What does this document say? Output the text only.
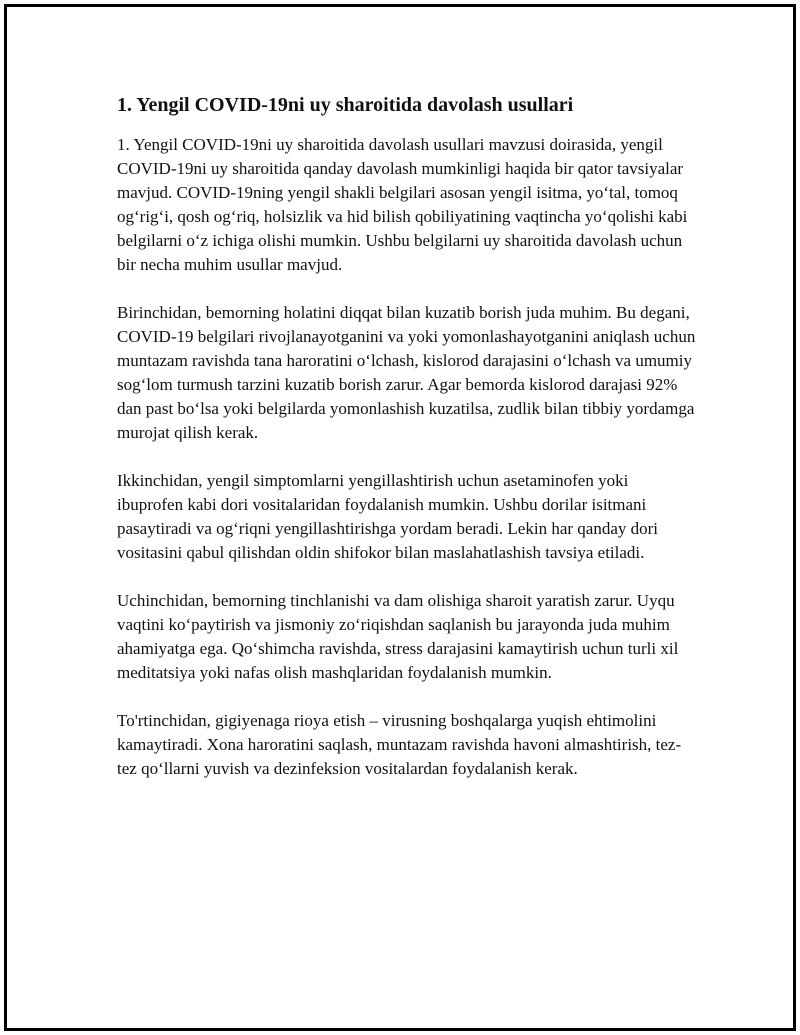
1. Yengil COVID-19ni uy sharoitida davolash usullari

1. Yengil COVID-19ni uy sharoitida davolash usullari mavzusi doirasida, yengil COVID-19ni uy sharoitida qanday davolash mumkinligi haqida bir qator tavsiyalar mavjud. COVID-19ning yengil shakli belgilari asosan yengil isitma, yo‘tal, tomoq og‘rig‘i, qosh og‘riq, holsizlik va hid bilish qobiliyatining vaqtincha yo‘qolishi kabi belgilarni o‘z ichiga olishi mumkin. Ushbu belgilarni uy sharoitida davolash uchun bir necha muhim usullar mavjud.

Birinchidan, bemorning holatini diqqat bilan kuzatib borish juda muhim. Bu degani, COVID-19 belgilari rivojlanayotganini va yoki yomonlashayotganini aniqlash uchun muntazam ravishda tana haroratini o‘lchash, kislorod darajasini o‘lchash va umumiy sog‘lom turmush tarzini kuzatib borish zarur. Agar bemorda kislorod darajasi 92% dan past bo‘lsa yoki belgilarda yomonlashish kuzatilsa, zudlik bilan tibbiy yordamga murojat qilish kerak.

Ikkinchidan, yengil simptomlarni yengillashtirish uchun asetaminofen yoki ibuprofen kabi dori vositalaridan foydalanish mumkin. Ushbu dorilar isitmani pasaytiradi va og‘riqni yengillashtirishga yordam beradi. Lekin har qanday dori vositasini qabul qilishdan oldin shifokor bilan maslahatlashish tavsiya etiladi.

Uchinchidan, bemorning tinchlanishi va dam olishiga sharoit yaratish zarur. Uyqu vaqtini ko‘paytirish va jismoniy zo‘riqishdan saqlanish bu jarayonda juda muhim ahamiyatga ega. Qo‘shimcha ravishda, stress darajasini kamaytirish uchun turli xil meditatsiya yoki nafas olish mashqlaridan foydalanish mumkin.

To'rtinchidan, gigiyenaga rioya etish – virusning boshqalarga yuqish ehtimolini kamaytiradi. Xona haroratini saqlash, muntazam ravishda havoni almashtirish, tez-tez qo‘llarni yuvish va dezinfeksion vositalardan foydalanish kerak.
